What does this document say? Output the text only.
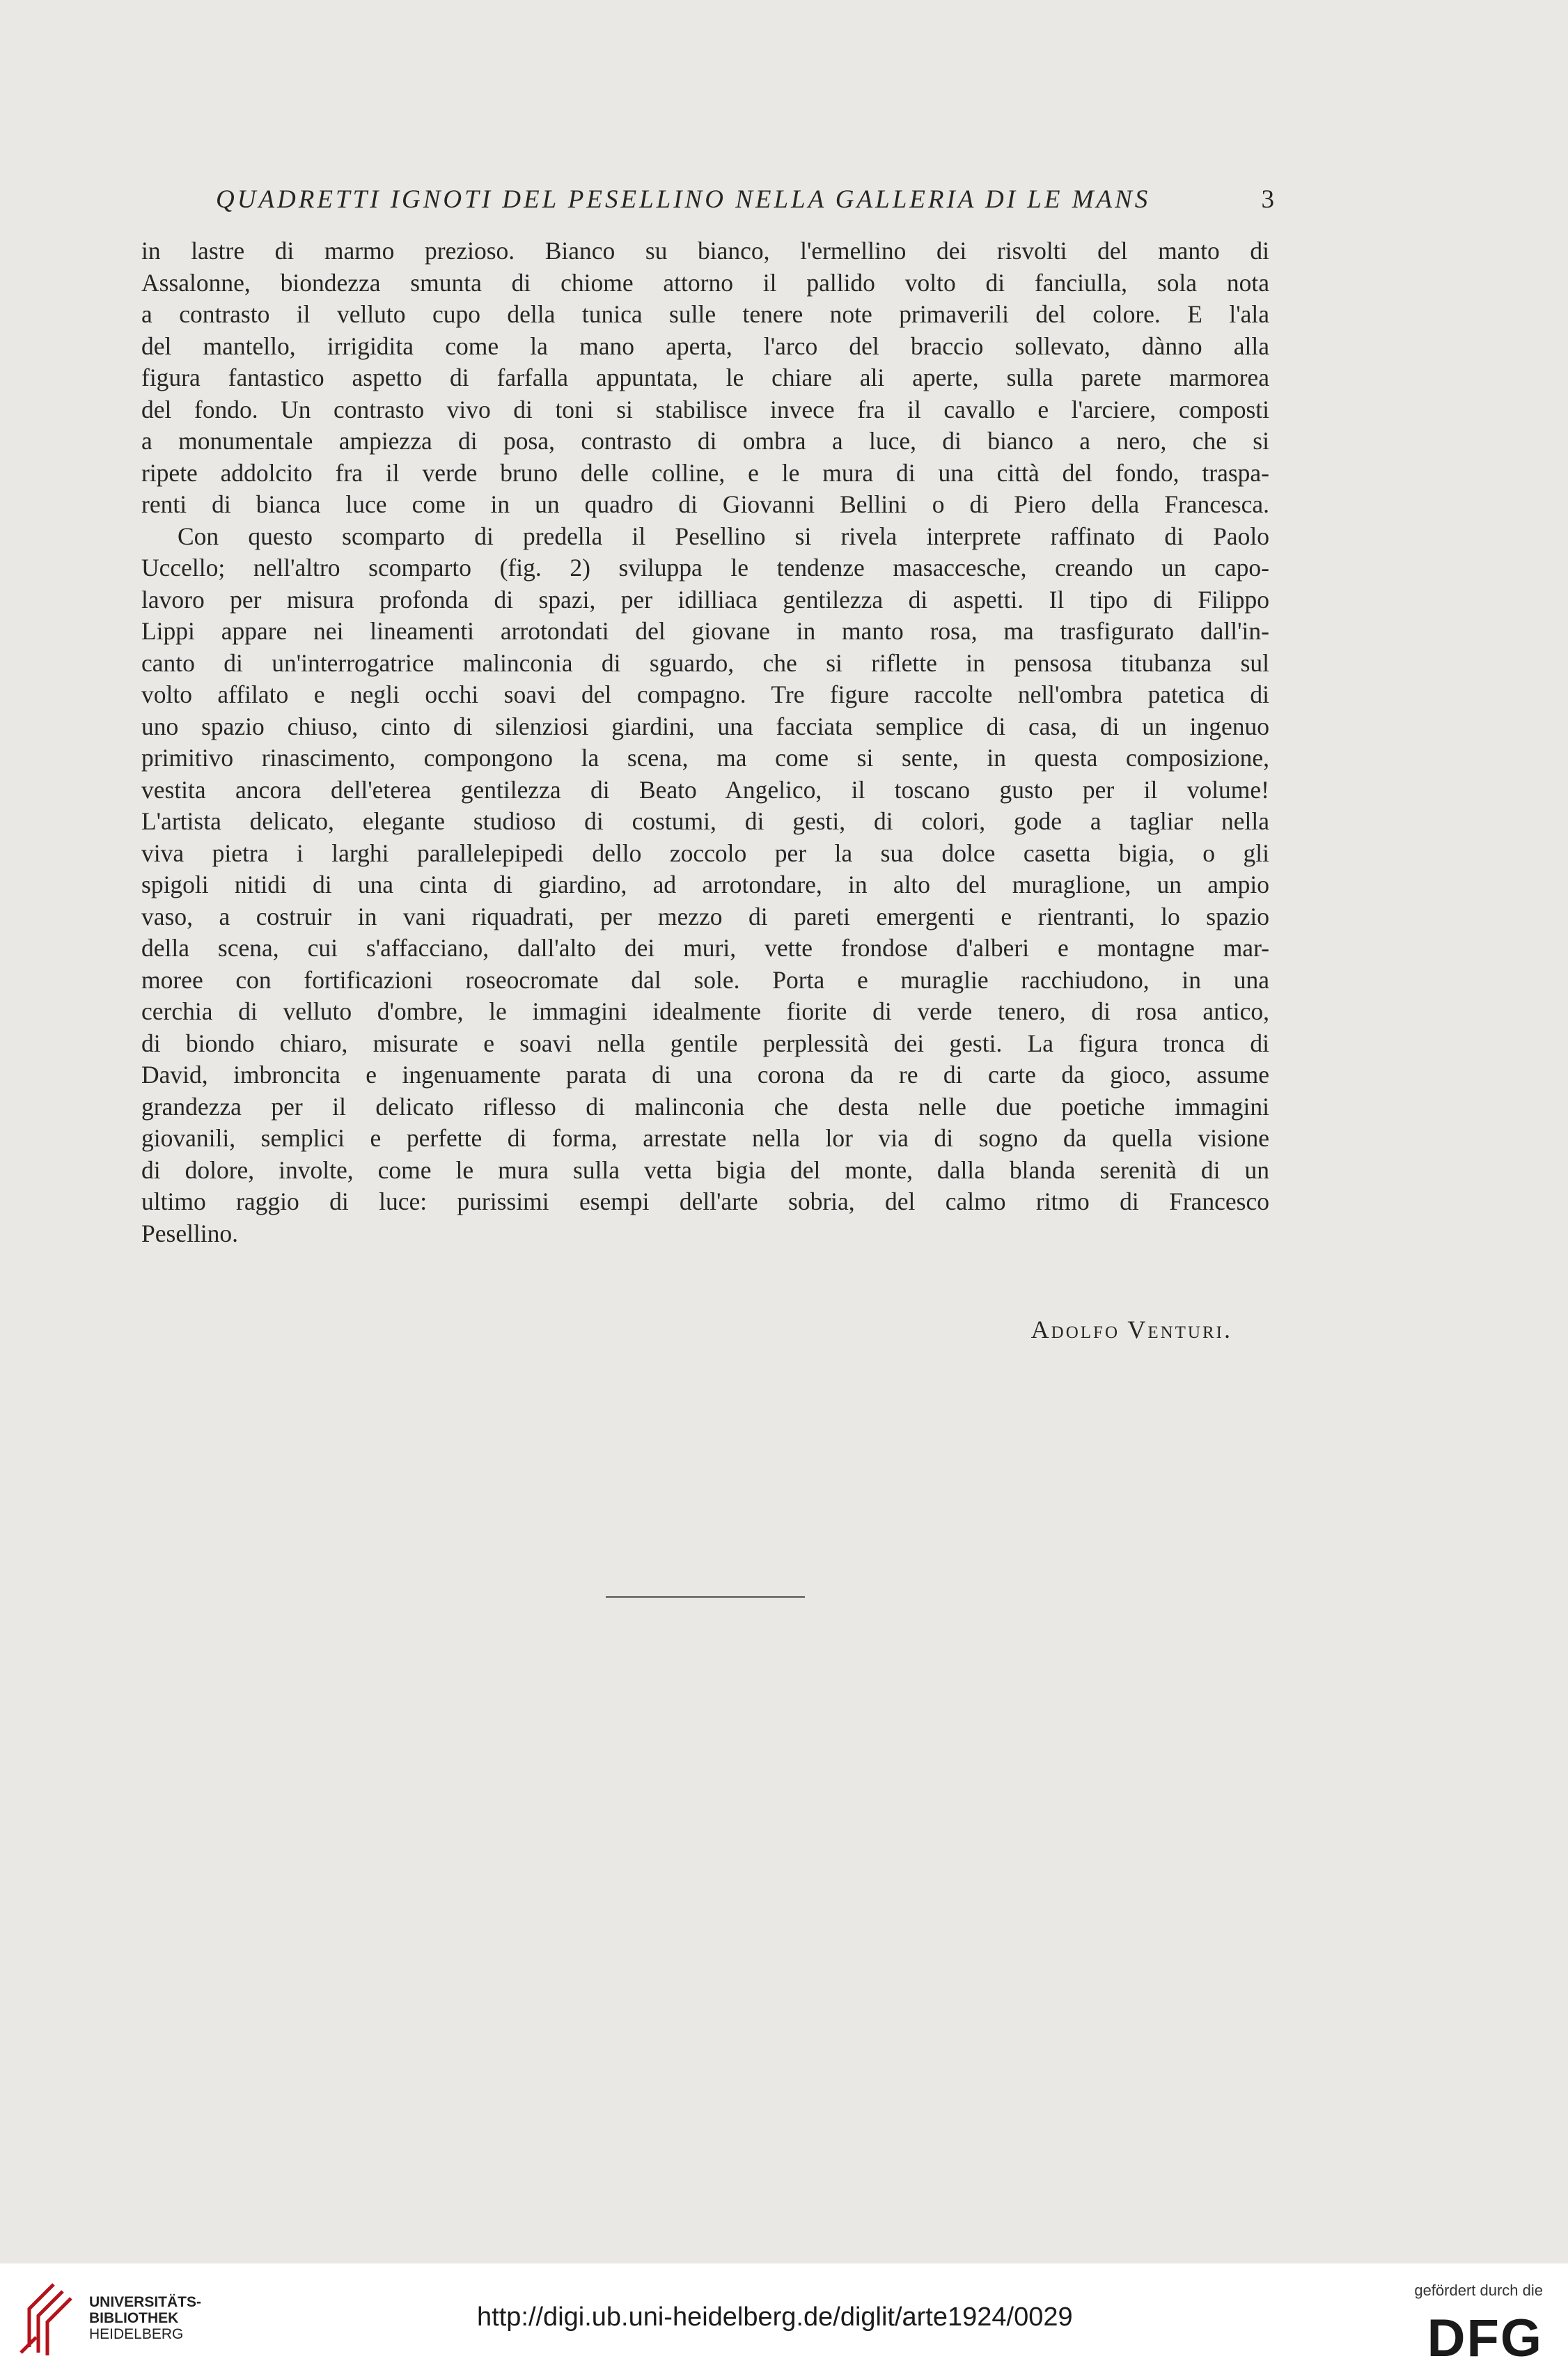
QUADRETTI IGNOTI DEL PESELLINO NELLA GALLERIA DI LE MANS	3
in lastre di marmo prezioso. Bianco su bianco, l'ermellino dei risvolti del manto di
Assalonne, biondezza smunta di chiome attorno il pallido volto di fanciulla, sola nota
a contrasto il velluto cupo della tunica sulle tenere note primaverili del colore. E l'ala
del mantello, irrigidita come la mano aperta, l'arco del braccio sollevato, dànno alla
figura fantastico aspetto di farfalla appuntata, le chiare ali aperte, sulla parete marmorea
del fondo. Un contrasto vivo di toni si stabilisce invece fra il cavallo e l'arciere, composti
a monumentale ampiezza di posa, contrasto di ombra a luce, di bianco a nero, che si
ripete addolcito fra il verde bruno delle colline, e le mura di una città del fondo, traspa-
renti di bianca luce come in un quadro di Giovanni Bellini o di Piero della Francesca.
Con questo scomparto di predella il Pesellino si rivela interprete raffinato di Paolo
Uccello; nell'altro scomparto (fig. 2) sviluppa le tendenze masaccesche, creando un capo-
lavoro per misura profonda di spazi, per idilliaca gentilezza di aspetti. Il tipo di Filippo
Lippi appare nei lineamenti arrotondati del giovane in manto rosa, ma trasfigurato dall'in-
canto di un'interrogatrice malinconia di sguardo, che si riflette in pensosa titubanza sul
volto affilato e negli occhi soavi del compagno. Tre figure raccolte nell'ombra patetica di
uno spazio chiuso, cinto di silenziosi giardini, una facciata semplice di casa, di un ingenuo
primitivo rinascimento, compongono la scena, ma come si sente, in questa composizione,
vestita ancora dell'eterea gentilezza di Beato Angelico, il toscano gusto per il volume!
L'artista delicato, elegante studioso di costumi, di gesti, di colori, gode a tagliar nella
viva pietra i larghi parallelepipedi dello zoccolo per la sua dolce casetta bigia, o gli
spigoli nitidi di una cinta di giardino, ad arrotondare, in alto del muraglione, un ampio
vaso, a costruir in vani riquadrati, per mezzo di pareti emergenti e rientranti, lo spazio
della scena, cui s'affacciano, dall'alto dei muri, vette frondose d'alberi e montagne mar-
moree con fortificazioni roseocromate dal sole. Porta e muraglie racchiudono, in una
cerchia di velluto d'ombre, le immagini idealmente fiorite di verde tenero, di rosa antico,
di biondo chiaro, misurate e soavi nella gentile perplessità dei gesti. La figura tronca di
David, imbroncita e ingenuamente parata di una corona da re di carte da gioco, assume
grandezza per il delicato riflesso di malinconia che desta nelle due poetiche immagini
giovanili, semplici e perfette di forma, arrestate nella lor via di sogno da quella visione
di dolore, involte, come le mura sulla vetta bigia del monte, dalla blanda serenità di un
ultimo raggio di luce: purissimi esempi dell'arte sobria, del calmo ritmo di Francesco
Pesellino.
Adolfo Venturi.
UNIVERSITÄTS-
BIBLIOTHEK
HEIDELBERG
http://digi.ub.uni-heidelberg.de/diglit/arte1924/0029
gefördert durch die
DFG
